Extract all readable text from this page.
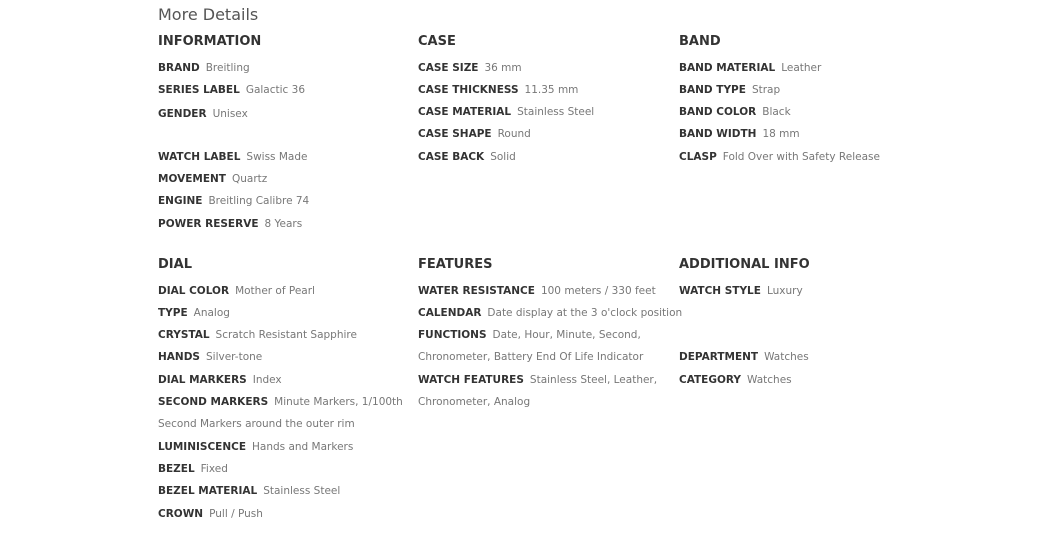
More Details
INFORMATION
BRAND Breitling
SERIES LABEL Galactic 36
GENDER Unisex
WATCH LABEL Swiss Made
MOVEMENT Quartz
ENGINE Breitling Calibre 74
POWER RESERVE 8 Years
CASE
CASE SIZE 36 mm
CASE THICKNESS 11.35 mm
CASE MATERIAL Stainless Steel
CASE SHAPE Round
CASE BACK Solid
BAND
BAND MATERIAL Leather
BAND TYPE Strap
BAND COLOR Black
BAND WIDTH 18 mm
CLASP Fold Over with Safety Release
DIAL
DIAL COLOR Mother of Pearl
TYPE Analog
CRYSTAL Scratch Resistant Sapphire
HANDS Silver-tone
DIAL MARKERS Index
SECOND MARKERS Minute Markers, 1/100th
Second Markers around the outer rim
LUMINISCENCE Hands and Markers
BEZEL Fixed
BEZEL MATERIAL Stainless Steel
CROWN Pull / Push
FEATURES
WATER RESISTANCE 100 meters / 330 feet
CALENDAR Date display at the 3 o'clock position
FUNCTIONS Date, Hour, Minute, Second,
Chronometer, Battery End Of Life Indicator
WATCH FEATURES Stainless Steel, Leather,
Chronometer, Analog
ADDITIONAL INFO
WATCH STYLE Luxury
DEPARTMENT Watches
CATEGORY Watches
